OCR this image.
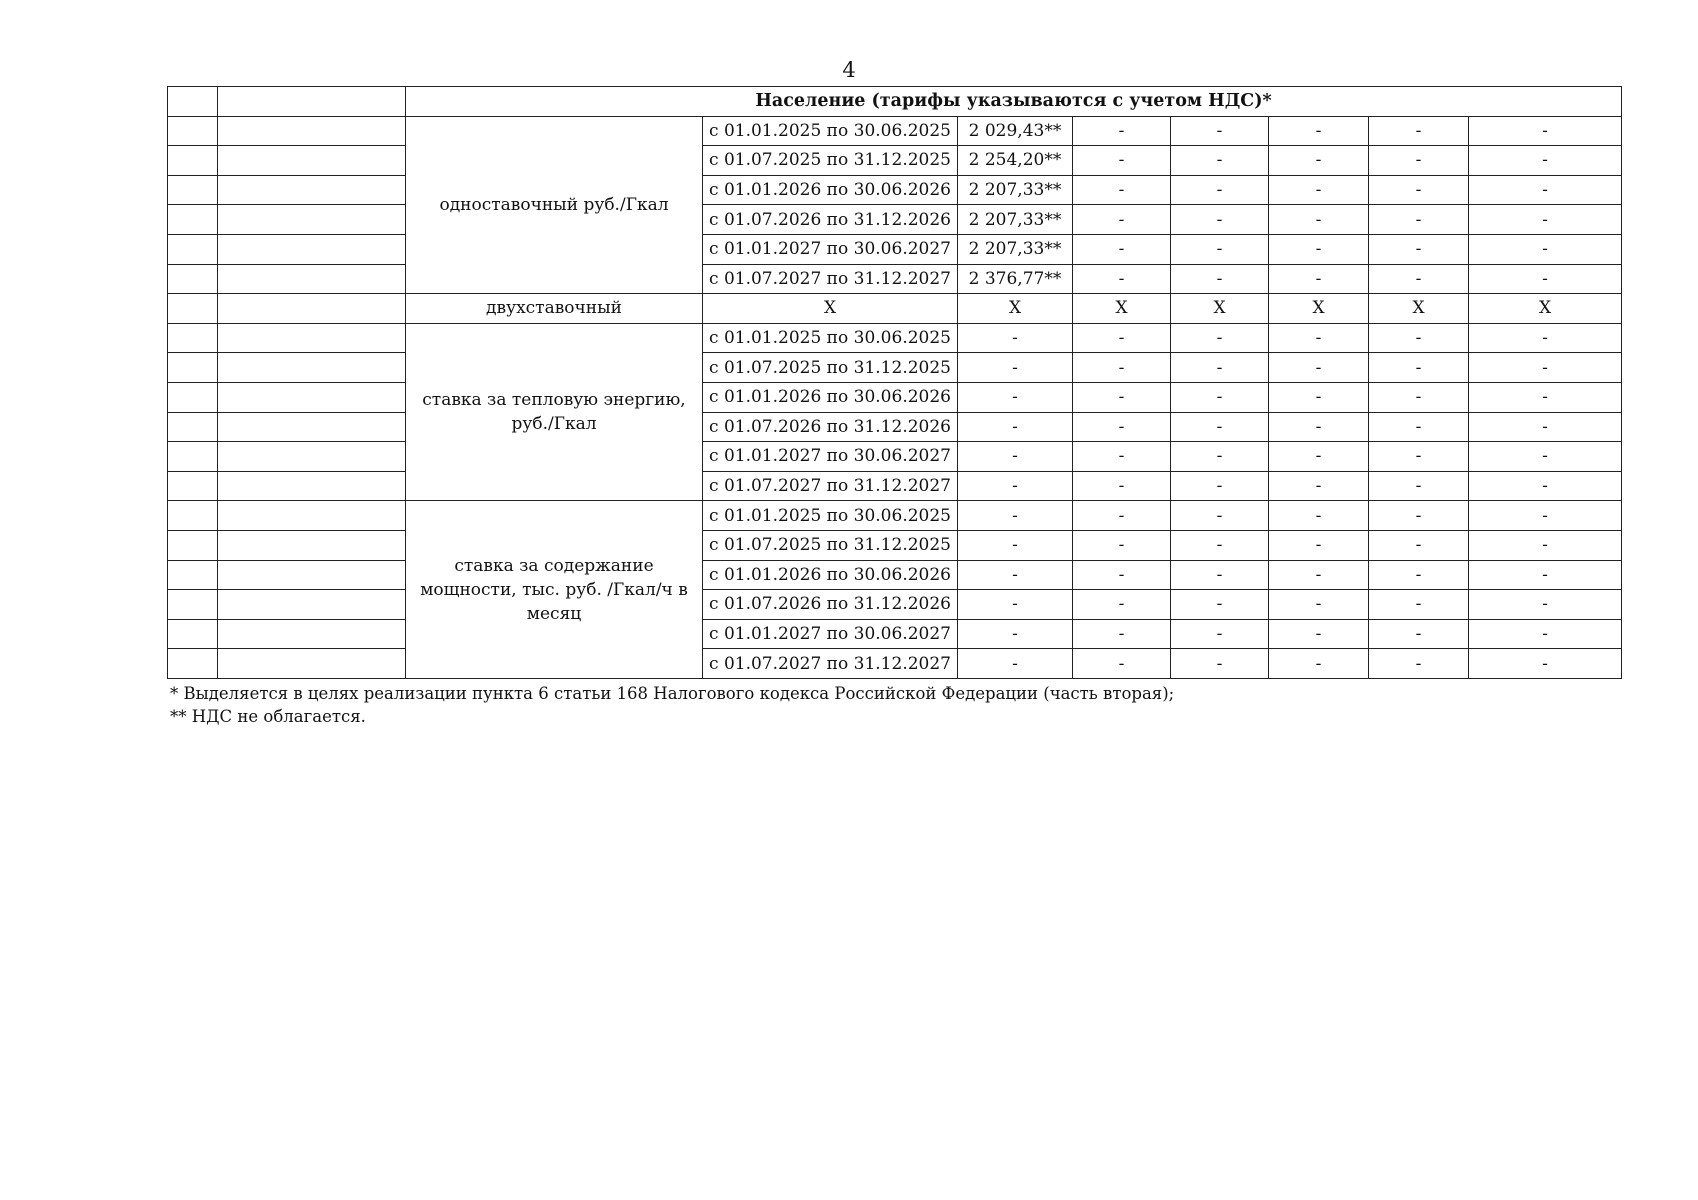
4
		Население (тарифы указываются с учетом НДС)*							
		одноставочный руб./Гкал	с 01.01.2025 по 30.06.2025	2 029,43**	-	-	-	-	-
			с 01.07.2025 по 31.12.2025	2 254,20**	-	-	-	-	-
			с 01.01.2026 по 30.06.2026	2 207,33**	-	-	-	-	-
			с 01.07.2026 по 31.12.2026	2 207,33**	-	-	-	-	-
			с 01.01.2027 по 30.06.2027	2 207,33**	-	-	-	-	-
			с 01.07.2027 по 31.12.2027	2 376,77**	-	-	-	-	-
		двухставочный	X	X	X	X	X	X	X
		ставка за тепловую энергию, руб./Гкал	с 01.01.2025 по 30.06.2025	-	-	-	-	-	-
			с 01.07.2025 по 31.12.2025	-	-	-	-	-	-
			с 01.01.2026 по 30.06.2026	-	-	-	-	-	-
			с 01.07.2026 по 31.12.2026	-	-	-	-	-	-
			с 01.01.2027 по 30.06.2027	-	-	-	-	-	-
			с 01.07.2027 по 31.12.2027	-	-	-	-	-	-
		ставка за содержание мощности, тыс. руб. /Гкал/ч в месяц	с 01.01.2025 по 30.06.2025	-	-	-	-	-	-
			с 01.07.2025 по 31.12.2025	-	-	-	-	-	-
			с 01.01.2026 по 30.06.2026	-	-	-	-	-	-
			с 01.07.2026 по 31.12.2026	-	-	-	-	-	-
			с 01.01.2027 по 30.06.2027	-	-	-	-	-	-
			с 01.07.2027 по 31.12.2027	-	-	-	-	-	-
* Выделяется в целях реализации пункта 6 статьи 168 Налогового кодекса Российской Федерации (часть вторая);
** НДС не облагается.
